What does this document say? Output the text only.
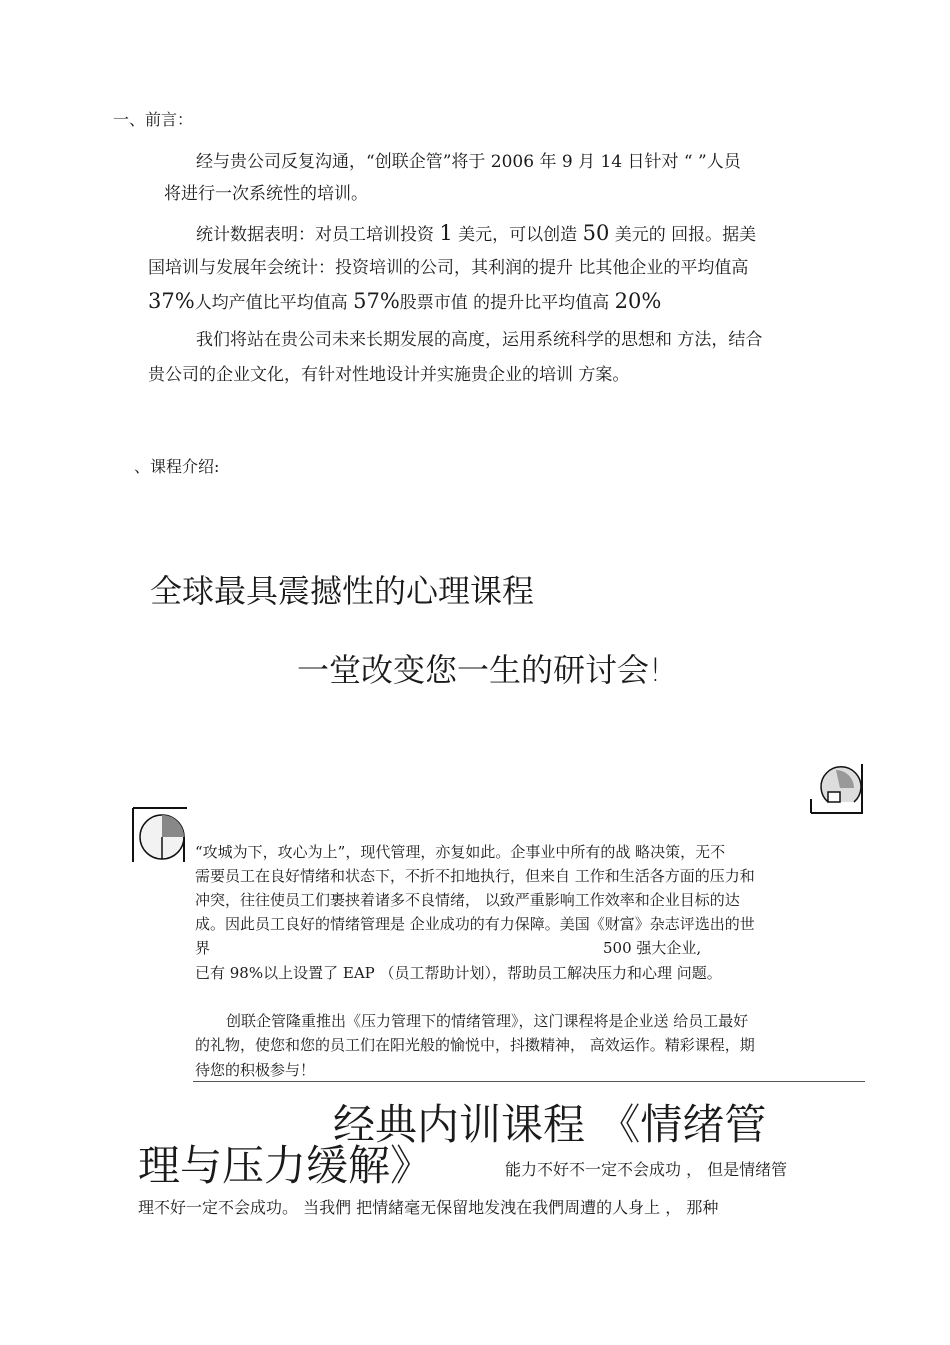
一、前言：
经与贵公司反复沟通，“创联企管”将于 2006 年 9 月 14 日针对 “ ”人员
将进行一次系统性的培训。
统计数据表明：对员工培训投资 1 美元，可以创造 50 美元的 回报。据美
国培训与发展年会统计：投资培训的公司，其利润的提升 比其他企业的平均值高
37%人均产值比平均值高 57%股票市值 的提升比平均值高 20%
我们将站在贵公司未来长期发展的高度，运用系统科学的思想和 方法，结合
贵公司的企业文化，有针对性地设计并实施贵企业的培训 方案。
、课程介绍:
全球最具震撼性的心理课程
一堂改变您一生的研讨会!
“攻城为下，攻心为上”，现代管理，亦复如此。企事业中所有的战 略决策，无不
需要员工在良好情绪和状态下，不折不扣地执行，但来自 工作和生活各方面的压力和
冲突，往往使员工们裹挟着诸多不良情绪， 以致严重影响工作效率和企业目标的达
成。因此员工良好的情绪管理是 企业成功的有力保障。美国《财富》杂志评选出的世
界	500 强大企业,
已有 98%以上设置了 EAP （员工帮助计划），帮助员工解决压力和心理 问题。
创联企管隆重推出《压力管理下的情绪管理》，这门课程将是企业送 给员工最好
的礼物，使您和您的员工们在阳光般的愉悦中，抖擞精神， 高效运作。精彩课程，期
待您的积极参与！
经典内训课程 《情绪管
理与压力缓解》	能力不好不一定不会成功 ， 但是情绪管
理不好一定不会成功。 当我們 把情緒毫无保留地发洩在我們周遭的人身上 ， 那种
